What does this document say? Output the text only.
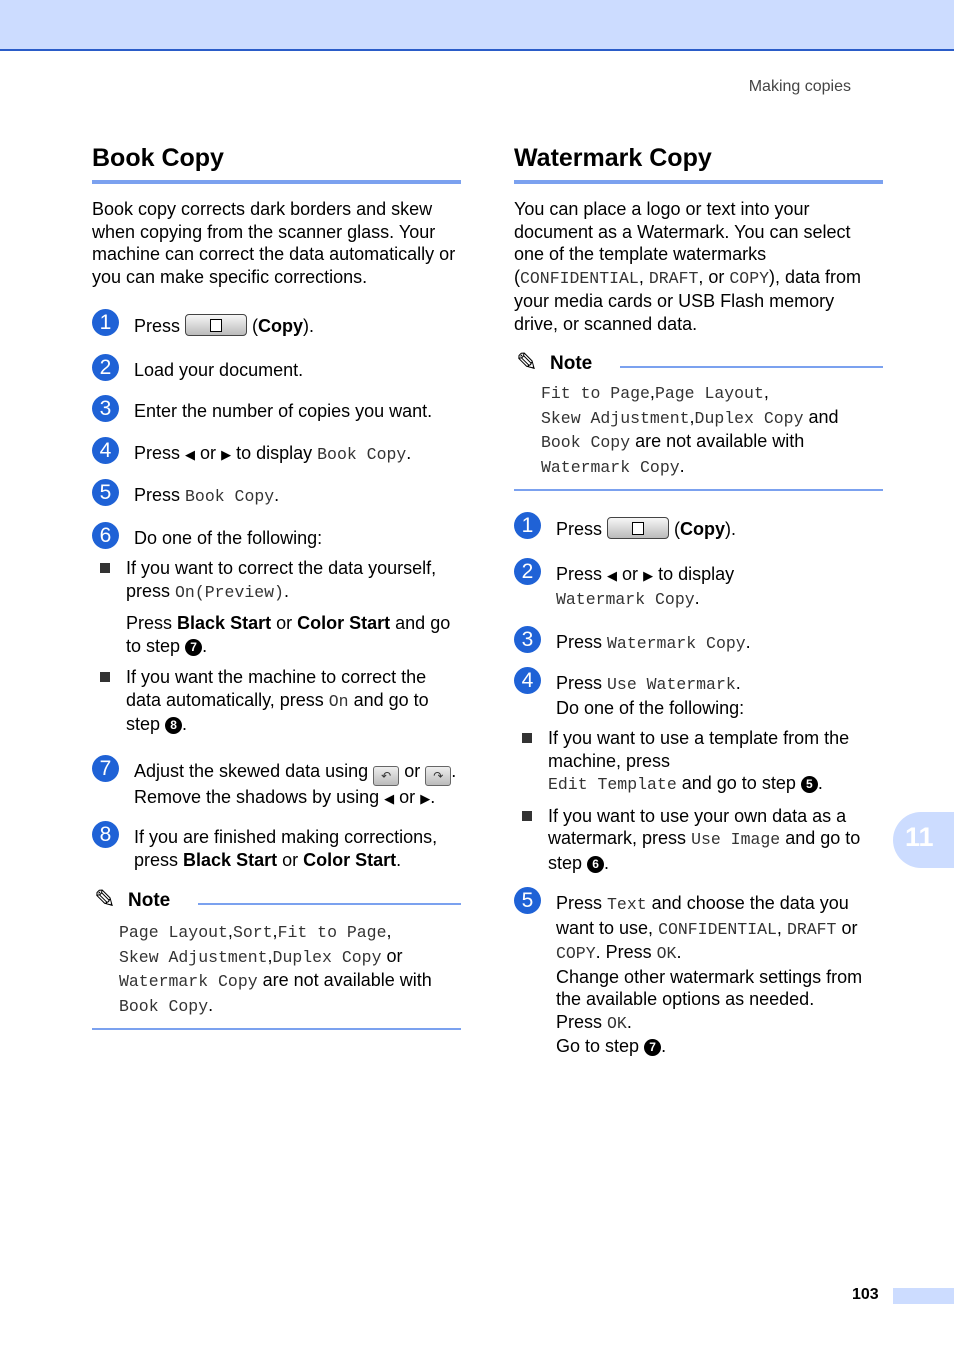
Making copies
Book Copy

Book copy corrects dark borders and skew when copying from the scanner glass. Your machine can correct the data automatically or you can make specific corrections.

1	Press	(Copy).
2	Load your document.
3	Enter the number of copies you want.
4	Press ◀ or ▶ to display Book Copy.
5	Press Book Copy.
6	Do one of the following:
If you want to correct the data yourself, press On(Preview).
Press Black Start or Color Start and go to step 7 .
If you want the machine to correct the data automatically, press On and go to step 8 .
7	Adjust the skewed data using ↶ or ↷ .
Remove the shadows by using ◀ or ▶.
8	If you are finished making corrections, press Black Start or Color Start.
✎ Note
Page Layout,Sort,Fit to Page,
Skew Adjustment,Duplex Copy or
Watermark Copy are not available with
Book Copy.
Watermark Copy

You can place a logo or text into your document as a Watermark. You can select one of the template watermarks (CONFIDENTIAL, DRAFT, or COPY), data from your media cards or USB Flash memory drive, or scanned data.

✎ Note
Fit to Page,Page Layout,
Skew Adjustment,Duplex Copy and
Book Copy are not available with
Watermark Copy.
1	Press	(Copy).
2	Press ◀ or ▶ to display
Watermark Copy.
3	Press Watermark Copy.
4	Press Use Watermark.
Do one of the following:
If you want to use a template from the machine, press
Edit Template and go to step 5 .
If you want to use your own data as a watermark, press Use Image and go to step 6 .
5	Press Text and choose the data you want to use, CONFIDENTIAL, DRAFT or COPY. Press OK.
Change other watermark settings from the available options as needed.
Press OK.
Go to step 7 .
11
103
